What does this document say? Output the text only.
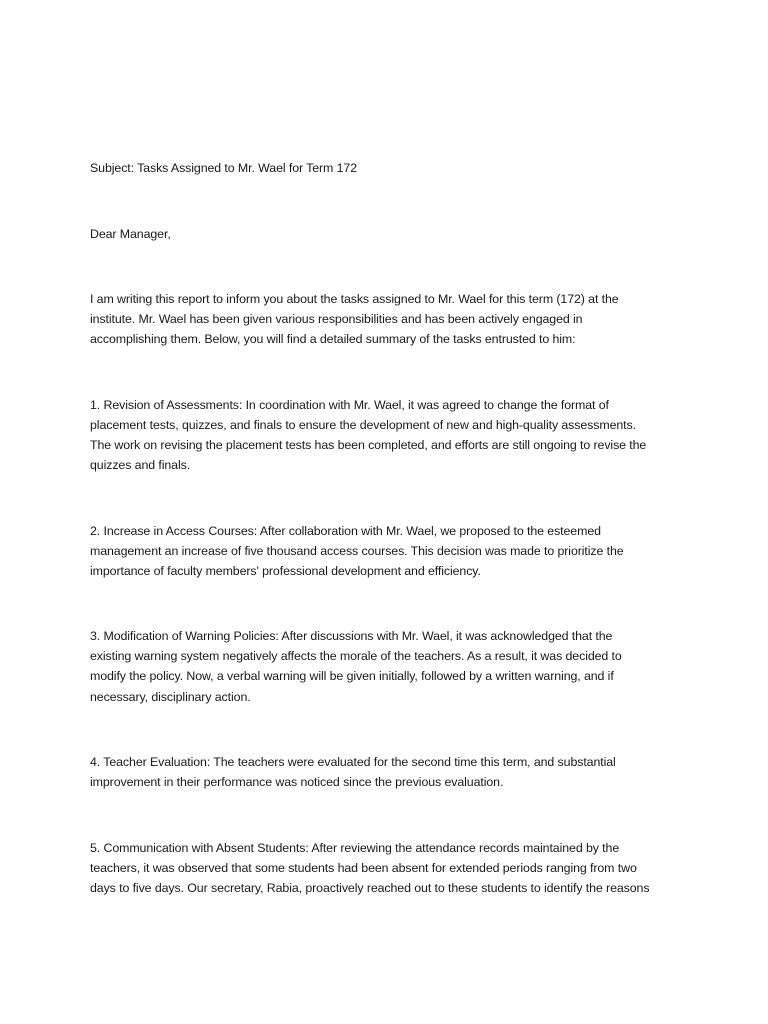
Subject: Tasks Assigned to Mr. Wael for Term 172

Dear Manager,

I am writing this report to inform you about the tasks assigned to Mr. Wael for this term (172) at the

institute. Mr. Wael has been given various responsibilities and has been actively engaged in

accomplishing them. Below, you will find a detailed summary of the tasks entrusted to him:

1. Revision of Assessments: In coordination with Mr. Wael, it was agreed to change the format of

placement tests, quizzes, and finals to ensure the development of new and high-quality assessments.

The work on revising the placement tests has been completed, and efforts are still ongoing to revise the

quizzes and finals.

2. Increase in Access Courses: After collaboration with Mr. Wael, we proposed to the esteemed

management an increase of five thousand access courses. This decision was made to prioritize the

importance of faculty members' professional development and efficiency.

3. Modification of Warning Policies: After discussions with Mr. Wael, it was acknowledged that the

existing warning system negatively affects the morale of the teachers. As a result, it was decided to

modify the policy. Now, a verbal warning will be given initially, followed by a written warning, and if

necessary, disciplinary action.

4. Teacher Evaluation: The teachers were evaluated for the second time this term, and substantial

improvement in their performance was noticed since the previous evaluation.

5. Communication with Absent Students: After reviewing the attendance records maintained by the

teachers, it was observed that some students had been absent for extended periods ranging from two

days to five days. Our secretary, Rabia, proactively reached out to these students to identify the reasons
